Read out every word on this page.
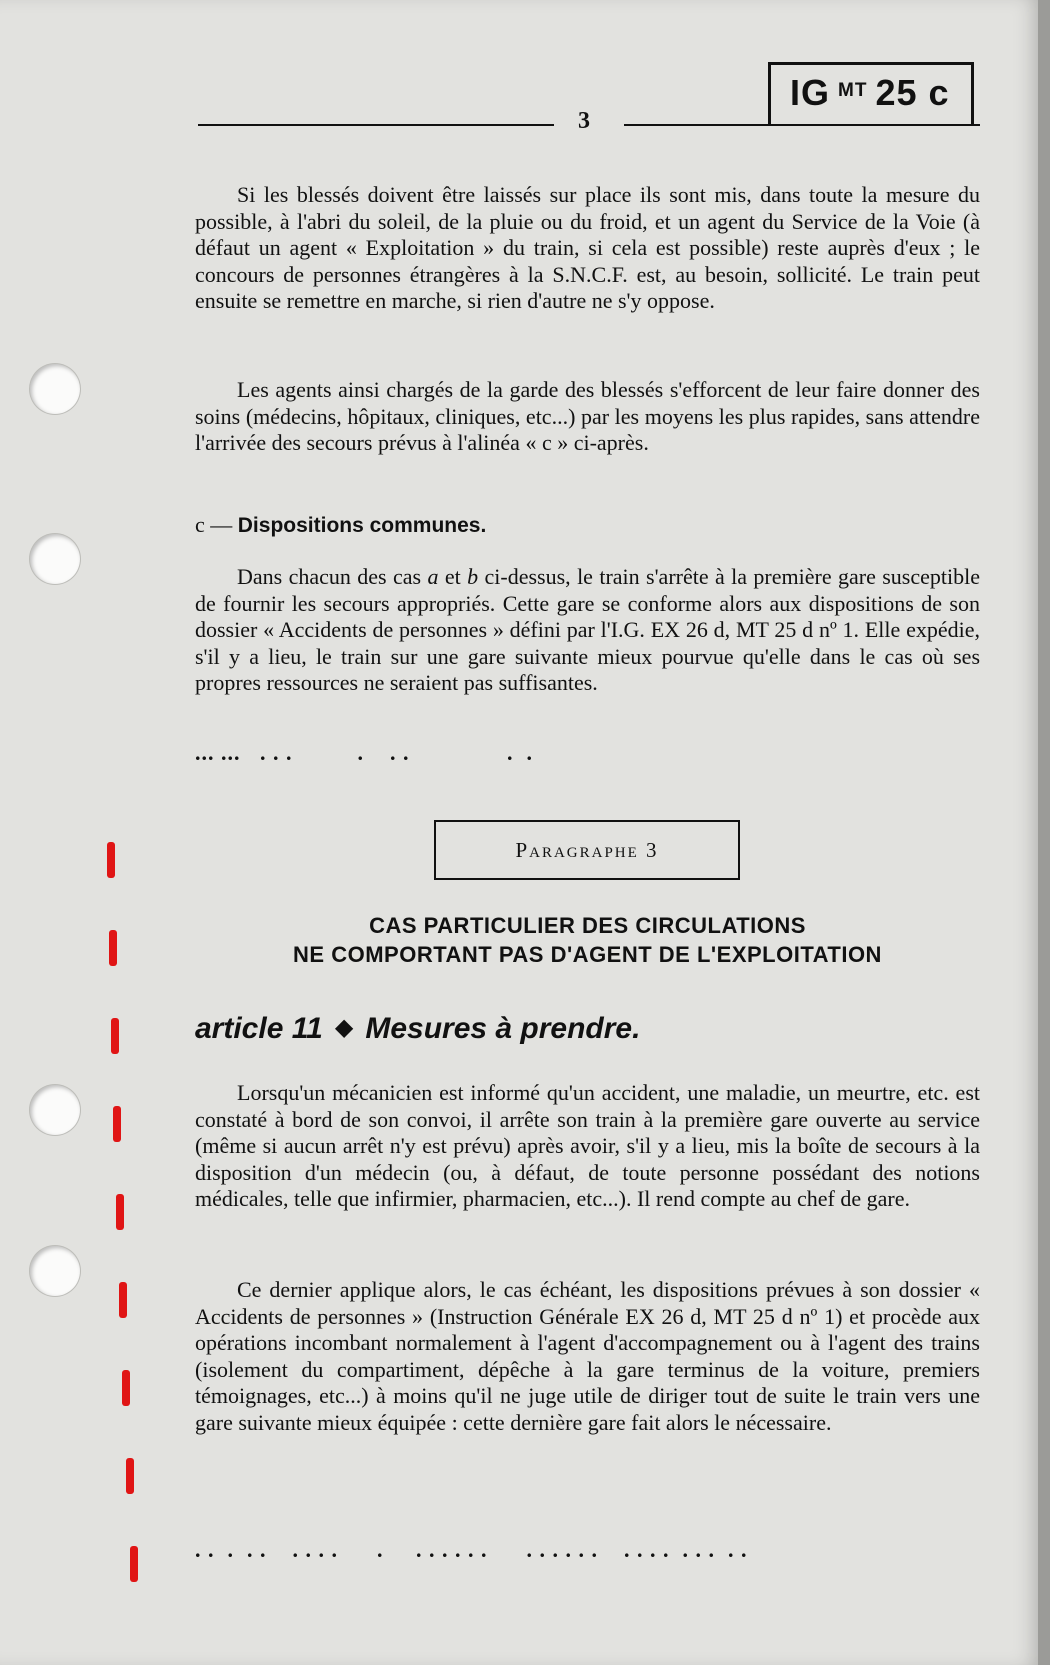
3
IG $^{MT}$ 25 c

Si les blessés doivent être laissés sur place ils sont mis, dans toute la mesure du possible, à l'abri du soleil, de la pluie ou du froid, et un agent du Service de la Voie (à défaut un agent « Exploitation » du train, si cela est possible) reste auprès d'eux ; le concours de personnes étrangères à la S.N.C.F. est, au besoin, sollicité. Le train peut ensuite se remettre en marche, si rien d'autre ne s'y oppose.

Les agents ainsi chargés de la garde des blessés s'efforcent de leur faire donner des soins (médecins, hôpitaux, cliniques, etc...) par les moyens les plus rapides, sans attendre l'arrivée des secours prévus à l'alinéa « c » ci-après.

c — Dispositions communes.

Dans chacun des cas a et b ci-dessus, le train s'arrête à la première gare susceptible de fournir les secours appropriés. Cette gare se conforme alors aux dispositions de son dossier « Accidents de personnes » défini par l'I.G. EX 26 d, MT 25 d nº 1. Elle expédie, s'il y a lieu, le train sur une gare suivante mieux pourvue qu'elle dans le cas où ses propres ressources ne seraient pas suffisantes.

... ...   . . .          .    . .               .  .
Paragraphe 3
CAS PARTICULIER DES CIRCULATIONS
NE COMPORTANT PAS D'AGENT DE L'EXPLOITATION
article 11 ◆ Mesures à prendre.

Lorsqu'un mécanicien est informé qu'un accident, une maladie, un meurtre, etc. est constaté à bord de son convoi, il arrête son train à la première gare ouverte au service (même si aucun arrêt n'y est prévu) après avoir, s'il y a lieu, mis la boîte de secours à la disposition d'un médecin (ou, à défaut, de toute personne possédant des notions médicales, telle que infirmier, pharmacien, etc...). Il rend compte au chef de gare.

Ce dernier applique alors, le cas échéant, les dispositions prévues à son dossier « Accidents de personnes » (Instruction Générale EX 26 d, MT 25 d nº 1) et procède aux opérations incombant normalement à l'agent d'accompagnement ou à l'agent des trains (isolement du compartiment, dépêche à la gare terminus de la voiture, premiers témoignages, etc...) à moins qu'il ne juge utile de diriger tout de suite le train vers une gare suivante mieux équipée : cette dernière gare fait alors le nécessaire.

. .  .  . .    . . . .      .     . . . . . .      . . . . . .    . . . .  . . .  . .
